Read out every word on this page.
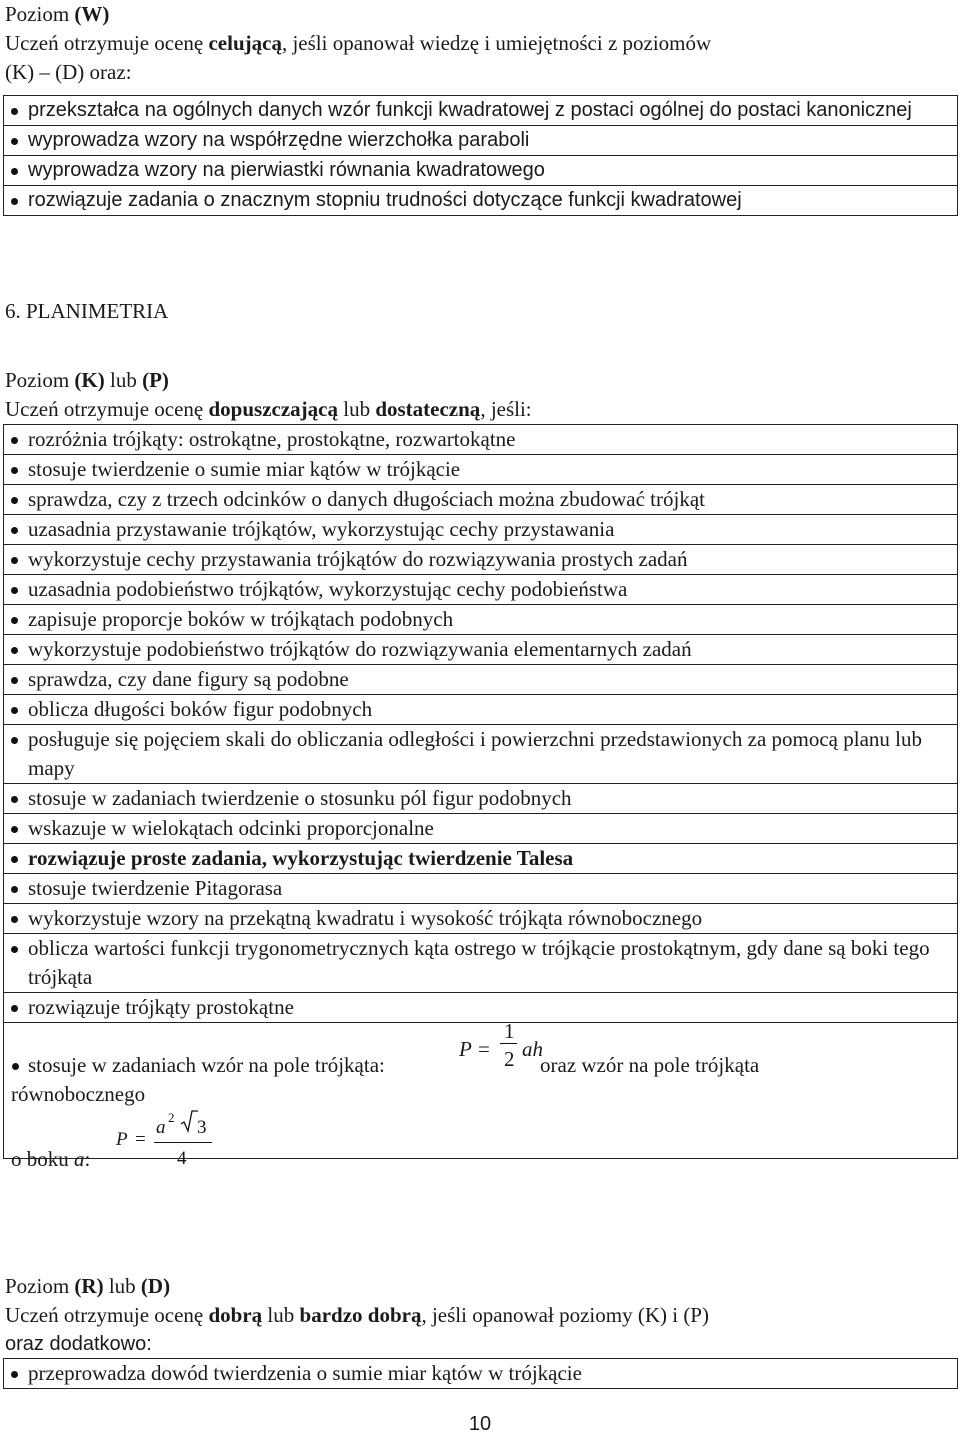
Poziom (W)
Uczeń otrzymuje ocenę celującą, jeśli opanował wiedzę i umiejętności z poziomów
(K) – (D) oraz:
przekształca na ogólnych danych wzór funkcji kwadratowej z postaci ogólnej do postaci kanonicznej

wyprowadza wzory na współrzędne wierzchołka paraboli

wyprowadza wzory na pierwiastki równania kwadratowego

rozwiązuje zadania o znacznym stopniu trudności dotyczące funkcji kwadratowej
6. PLANIMETRIA
Poziom (K) lub (P)
Uczeń otrzymuje ocenę dopuszczającą lub dostateczną, jeśli:
rozróżnia trójkąty: ostrokątne, prostokątne, rozwartokątne

stosuje twierdzenie o sumie miar kątów w trójkącie

sprawdza, czy z trzech odcinków o danych długościach można zbudować trójkąt

uzasadnia przystawanie trójkątów, wykorzystując cechy przystawania

wykorzystuje cechy przystawania trójkątów do rozwiązywania prostych zadań

uzasadnia podobieństwo trójkątów, wykorzystując cechy podobieństwa

zapisuje proporcje boków w trójkątach podobnych

wykorzystuje podobieństwo trójkątów do rozwiązywania elementarnych zadań

sprawdza, czy dane figury są podobne

oblicza długości boków figur podobnych

posługuje się pojęciem skali do obliczania odległości i powierzchni przedstawionych za pomocą planu lub mapy

stosuje w zadaniach twierdzenie o stosunku pól figur podobnych

wskazuje w wielokątach odcinki proporcjonalne

rozwiązuje proste zadania, wykorzystując twierdzenie Talesa

stosuje twierdzenie Pitagorasa

wykorzystuje wzory na przekątną kwadratu i wysokość trójkąta równobocznego

oblicza wartości funkcji trygonometrycznych kąta ostrego w trójkącie prostokątnym, gdy dane są boki tego trójkąta

rozwiązuje trójkąty prostokątne

stosuje w zadaniach wzór na pole trójkąta:
P =
1
2 ah
oraz wzór na pole trójkąta
równobocznego
P =
a 2 3
4
o boku a:
Poziom (R) lub (D)
Uczeń otrzymuje ocenę dobrą lub bardzo dobrą, jeśli opanował poziomy (K) i (P)
oraz dodatkowo:
przeprowadza dowód twierdzenia o sumie miar kątów w trójkącie
10
